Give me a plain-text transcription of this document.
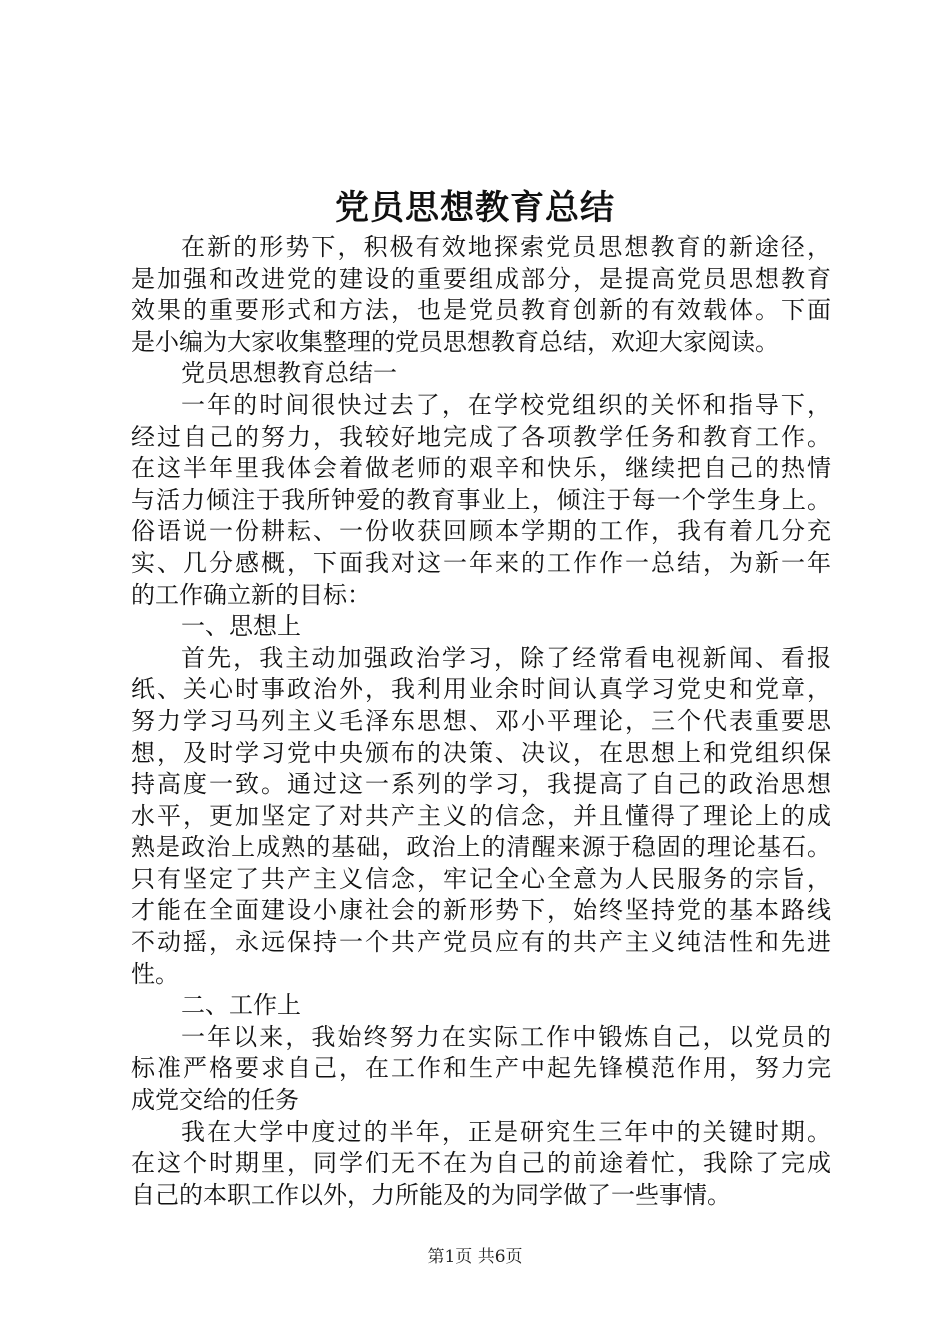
党员思想教育总结
在新的形势下，积极有效地探索党员思想教育的新途径，
是加强和改进党的建设的重要组成部分，是提高党员思想教育
效果的重要形式和方法，也是党员教育创新的有效载体。下面
是小编为大家收集整理的党员思想教育总结，欢迎大家阅读。
党员思想教育总结一
一年的时间很快过去了，在学校党组织的关怀和指导下，
经过自己的努力，我较好地完成了各项教学任务和教育工作。
在这半年里我体会着做老师的艰辛和快乐，继续把自己的热情
与活力倾注于我所钟爱的教育事业上，倾注于每一个学生身上。
俗语说一份耕耘、一份收获回顾本学期的工作，我有着几分充
实、几分感概，下面我对这一年来的工作作一总结，为新一年
的工作确立新的目标：
一、思想上
首先，我主动加强政治学习，除了经常看电视新闻、看报
纸、关心时事政治外，我利用业余时间认真学习党史和党章，
努力学习马列主义毛泽东思想、邓小平理论，三个代表重要思
想，及时学习党中央颁布的决策、决议，在思想上和党组织保
持高度一致。通过这一系列的学习，我提高了自己的政治思想
水平，更加坚定了对共产主义的信念，并且懂得了理论上的成
熟是政治上成熟的基础，政治上的清醒来源于稳固的理论基石。
只有坚定了共产主义信念，牢记全心全意为人民服务的宗旨，
才能在全面建设小康社会的新形势下，始终坚持党的基本路线
不动摇，永远保持一个共产党员应有的共产主义纯洁性和先进
性。
二、工作上
一年以来，我始终努力在实际工作中锻炼自己，以党员的
标准严格要求自己，在工作和生产中起先锋模范作用，努力完
成党交给的任务
我在大学中度过的半年，正是研究生三年中的关键时期。
在这个时期里，同学们无不在为自己的前途着忙，我除了完成
自己的本职工作以外，力所能及的为同学做了一些事情。
第1页 共6页
